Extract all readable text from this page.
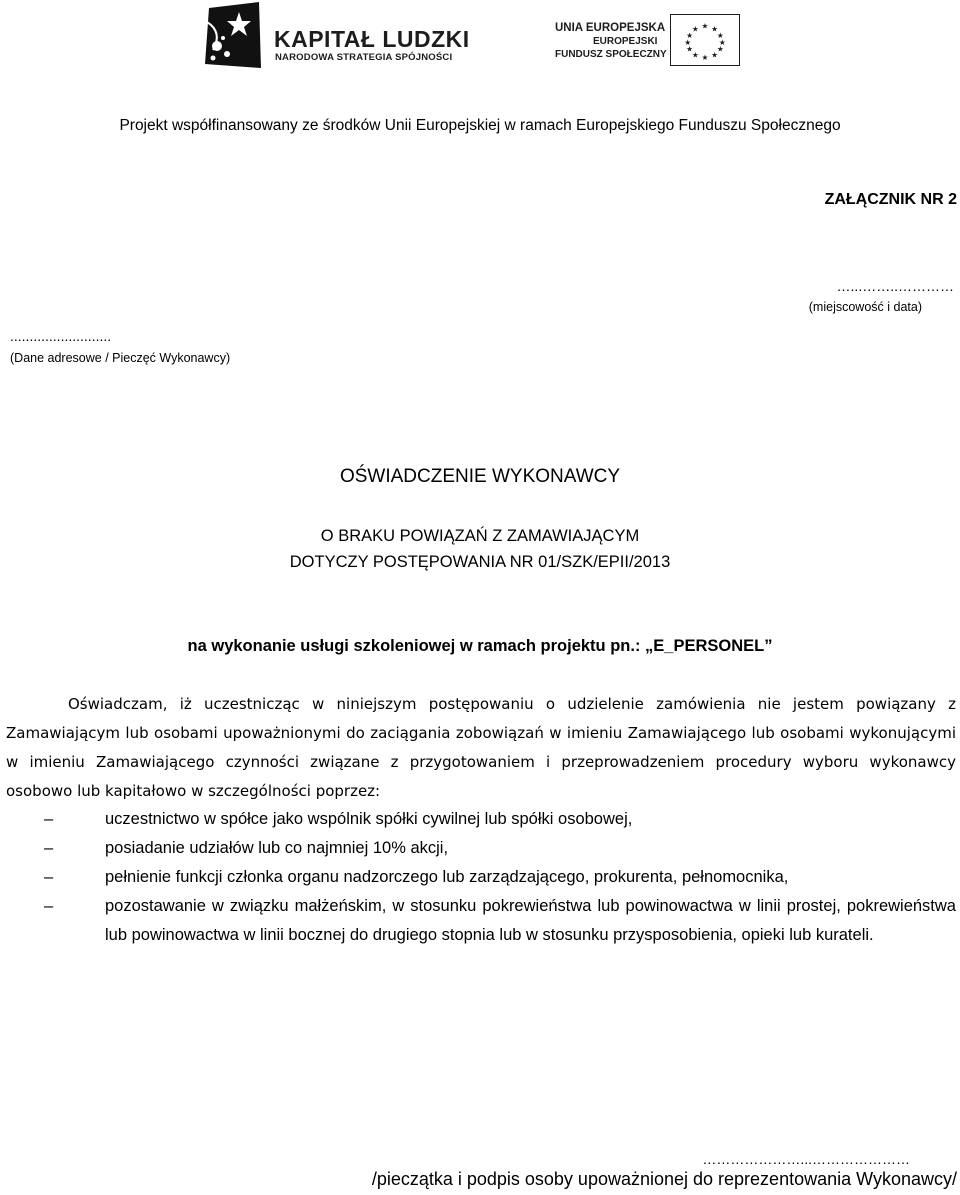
KAPITAŁ LUDZKI
NARODOWA STRATEGIA SPÓJNOŚCI
UNIA EUROPEJSKA
EUROPEJSKI
FUNDUSZ SPOŁECZNY
★ ★
★
★
★
★
★
★
★
★
★
★
Projekt współfinansowany ze środków Unii Europejskiej w ramach Europejskiego Funduszu Społecznego
ZAŁĄCZNIK NR 2
…...……..…………
(miejscowość i data)
..........................
(Dane adresowe / Pieczęć Wykonawcy)
OŚWIADCZENIE WYKONAWCY
O BRAKU POWIĄZAŃ Z ZAMAWIAJĄCYM
DOTYCZY POSTĘPOWANIA NR 01/SZK/EPII/2013
na wykonanie usługi szkoleniowej w ramach projektu pn.: „E_PERSONEL”
Oświadczam, iż uczestnicząc w niniejszym postępowaniu o udzielenie zamówienia nie jestem powiązany z Zamawiającym lub osobami upoważnionymi do zaciągania zobowiązań w imieniu Zamawiającego lub osobami wykonującymi w imieniu Zamawiającego czynności związane z przygotowaniem i przeprowadzeniem procedury wyboru wykonawcy osobowo lub kapitałowo w szczególności poprzez:
–	uczestnictwo w spółce jako wspólnik spółki cywilnej lub spółki osobowej,
–	posiadanie udziałów lub co najmniej 10% akcji,
–	pełnienie funkcji członka organu nadzorczego lub zarządzającego, prokurenta, pełnomocnika,
–	pozostawanie w związku małżeńskim, w stosunku pokrewieństwa lub powinowactwa w linii prostej, pokrewieństwa lub powinowactwa w linii bocznej do drugiego stopnia lub w stosunku przysposobienia, opieki lub kurateli.
…………………...…………………
/pieczątka i podpis osoby upoważnionej do reprezentowania Wykonawcy/
